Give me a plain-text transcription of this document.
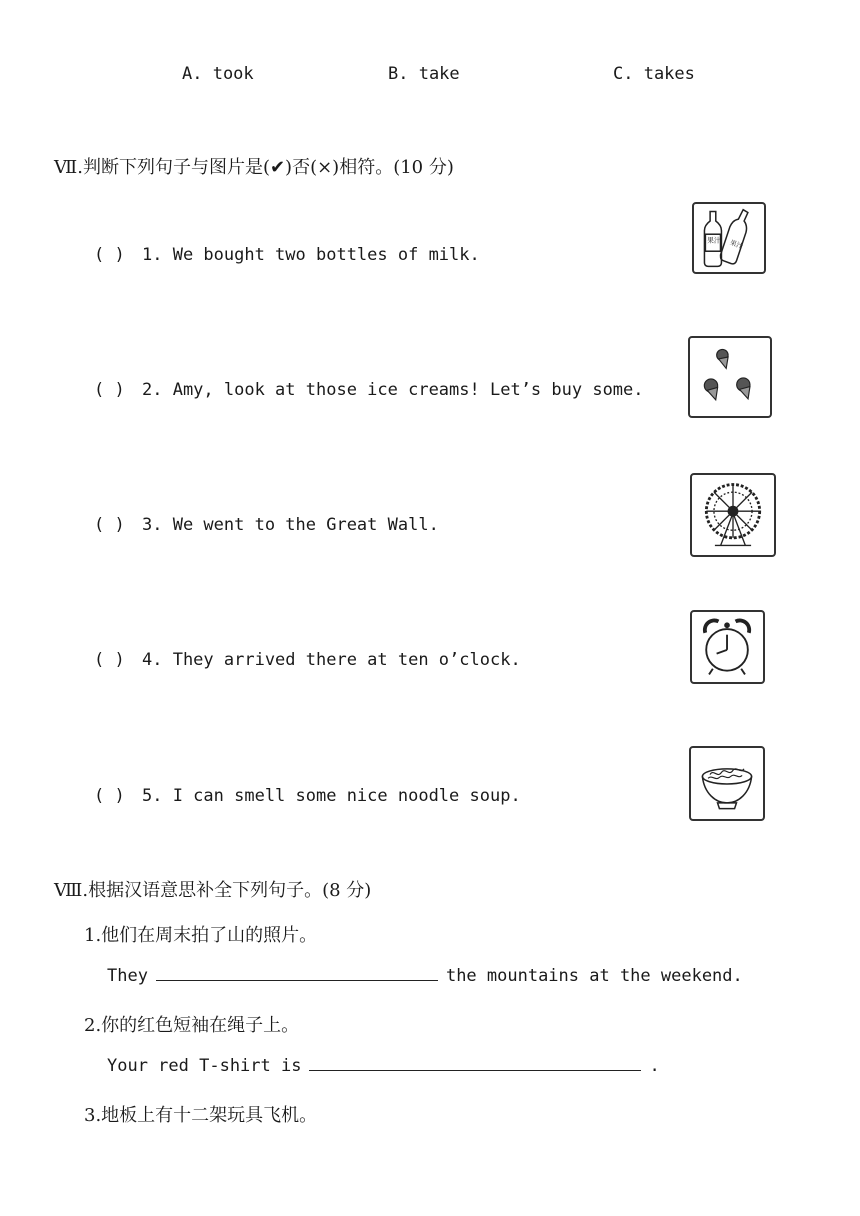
A. took	B. take	C. takes
Ⅶ.判断下列句子与图片是(✔)否(×)相符。(10 分)
( ) 1. We bought two bottles of milk.
果汁 果汁
( ) 2. Amy, look at those ice creams! Let’s buy some.
( ) 3. We went to the Great Wall.
( ) 4. They arrived there at ten o’clock.
( ) 5. I can smell some nice noodle soup.
Ⅷ.根据汉语意思补全下列句子。(8 分)
1.他们在周末拍了山的照片。
They	the mountains at the weekend.
2.你的红色短袖在绳子上。
Your red T-shirt is	.
3.地板上有十二架玩具飞机。
